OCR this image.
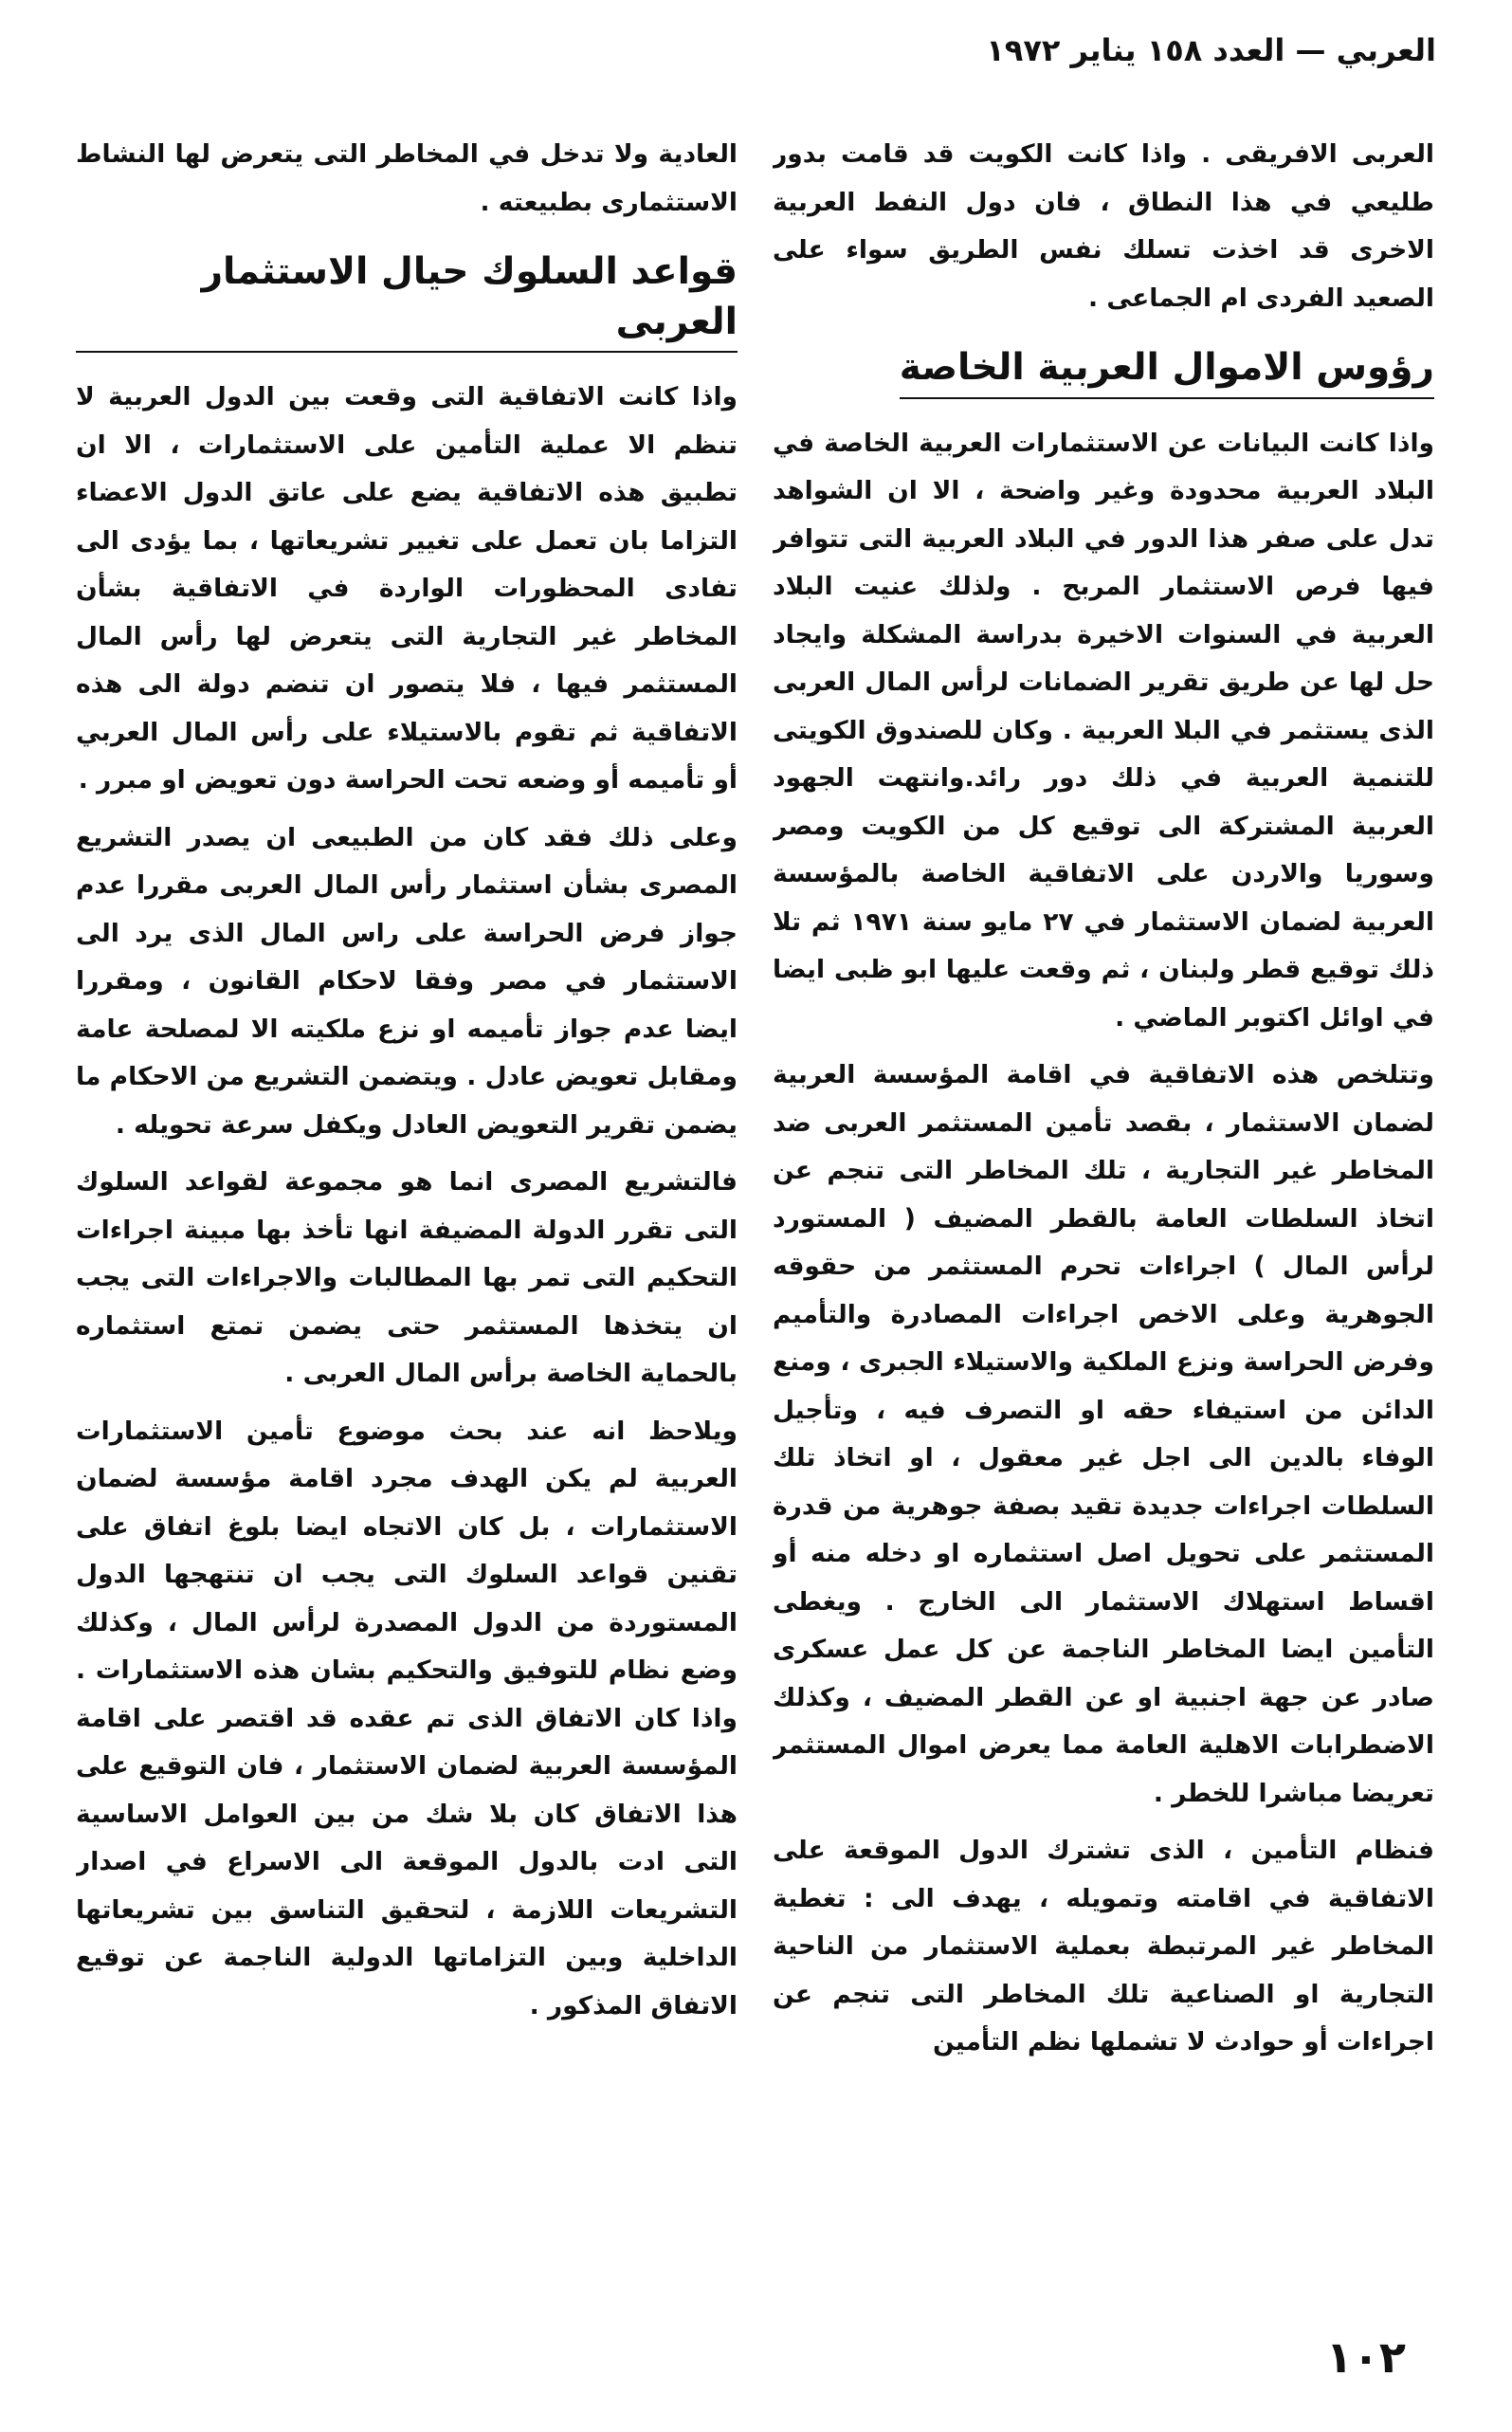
العربي — العدد ١٥٨ يناير ١٩٧٢

العربى الافريقى . واذا كانت الكويت قد قامت بدور طليعي في هذا النطاق ، فان دول النفط العربية الاخرى قد اخذت تسلك نفس الطريق سواء على الصعيد الفردى ام الجماعى .

رؤوس الاموال العربية الخاصة

واذا كانت البيانات عن الاستثمارات العربية الخاصة في البلاد العربية محدودة وغير واضحة ، الا ان الشواهد تدل على صفر هذا الدور في البلاد العربية التى تتوافر فيها فرص الاستثمار المربح . ولذلك عنيت البلاد العربية في السنوات الاخيرة بدراسة المشكلة وايجاد حل لها عن طريق تقرير الضمانات لرأس المال العربى الذى يستثمر في البلا العربية . وكان للصندوق الكويتى للتنمية العربية في ذلك دور رائد.وانتهت الجهود العربية المشتركة الى توقيع كل من الكويت ومصر وسوريا والاردن على الاتفاقية الخاصة بالمؤسسة العربية لضمان الاستثمار في ٢٧ مايو سنة ١٩٧١ ثم تلا ذلك توقيع قطر ولبنان ، ثم وقعت عليها ابو ظبى ايضا في اوائل اكتوبر الماضي .

وتتلخص هذه الاتفاقية في اقامة المؤسسة العربية لضمان الاستثمار ، بقصد تأمين المستثمر العربى ضد المخاطر غير التجارية ، تلك المخاطر التى تنجم عن اتخاذ السلطات العامة بالقطر المضيف ( المستورد لرأس المال ) اجراءات تحرم المستثمر من حقوقه الجوهرية وعلى الاخص اجراءات المصادرة والتأميم وفرض الحراسة ونزع الملكية والاستيلاء الجبرى ، ومنع الدائن من استيفاء حقه او التصرف فيه ، وتأجيل الوفاء بالدين الى اجل غير معقول ، او اتخاذ تلك السلطات اجراءات جديدة تقيد بصفة جوهرية من قدرة المستثمر على تحويل اصل استثماره او دخله منه أو اقساط استهلاك الاستثمار الى الخارج . ويغطى التأمين ايضا المخاطر الناجمة عن كل عمل عسكرى صادر عن جهة اجنبية او عن القطر المضيف ، وكذلك الاضطرابات الاهلية العامة مما يعرض اموال المستثمر تعريضا مباشرا للخطر .

فنظام التأمين ، الذى تشترك الدول الموقعة على الاتفاقية في اقامته وتمويله ، يهدف الى : تغطية المخاطر غير المرتبطة بعملية الاستثمار من الناحية التجارية او الصناعية تلك المخاطر التى تنجم عن اجراءات أو حوادث لا تشملها نظم التأمين

العادية ولا تدخل في المخاطر التى يتعرض لها النشاط الاستثمارى بطبيعته .

قواعد السلوك حيال الاستثمار العربى

واذا كانت الاتفاقية التى وقعت بين الدول العربية لا تنظم الا عملية التأمين على الاستثمارات ، الا ان تطبيق هذه الاتفاقية يضع على عاتق الدول الاعضاء التزاما بان تعمل على تغيير تشريعاتها ، بما يؤدى الى تفادى المحظورات الواردة في الاتفاقية بشأن المخاطر غير التجارية التى يتعرض لها رأس المال المستثمر فيها ، فلا يتصور ان تنضم دولة الى هذه الاتفاقية ثم تقوم بالاستيلاء على رأس المال العربي أو تأميمه أو وضعه تحت الحراسة دون تعويض او مبرر .

وعلى ذلك فقد كان من الطبيعى ان يصدر التشريع المصرى بشأن استثمار رأس المال العربى مقررا عدم جواز فرض الحراسة على راس المال الذى يرد الى الاستثمار في مصر وفقا لاحكام القانون ، ومقررا ايضا عدم جواز تأميمه او نزع ملكيته الا لمصلحة عامة ومقابل تعويض عادل . ويتضمن التشريع من الاحكام ما يضمن تقرير التعويض العادل ويكفل سرعة تحويله .

فالتشريع المصرى انما هو مجموعة لقواعد السلوك التى تقرر الدولة المضيفة انها تأخذ بها مبينة اجراءات التحكيم التى تمر بها المطالبات والاجراءات التى يجب ان يتخذها المستثمر حتى يضمن تمتع استثماره بالحماية الخاصة برأس المال العربى .

ويلاحظ انه عند بحث موضوع تأمين الاستثمارات العربية لم يكن الهدف مجرد اقامة مؤسسة لضمان الاستثمارات ، بل كان الاتجاه ايضا بلوغ اتفاق على تقنين قواعد السلوك التى يجب ان تنتهجها الدول المستوردة من الدول المصدرة لرأس المال ، وكذلك وضع نظام للتوفيق والتحكيم بشان هذه الاستثمارات . واذا كان الاتفاق الذى تم عقده قد اقتصر على اقامة المؤسسة العربية لضمان الاستثمار ، فان التوقيع على هذا الاتفاق كان بلا شك من بين العوامل الاساسية التى ادت بالدول الموقعة الى الاسراع في اصدار التشريعات اللازمة ، لتحقيق التناسق بين تشريعاتها الداخلية وبين التزاماتها الدولية الناجمة عن توقيع الاتفاق المذكور .

١٠٢
